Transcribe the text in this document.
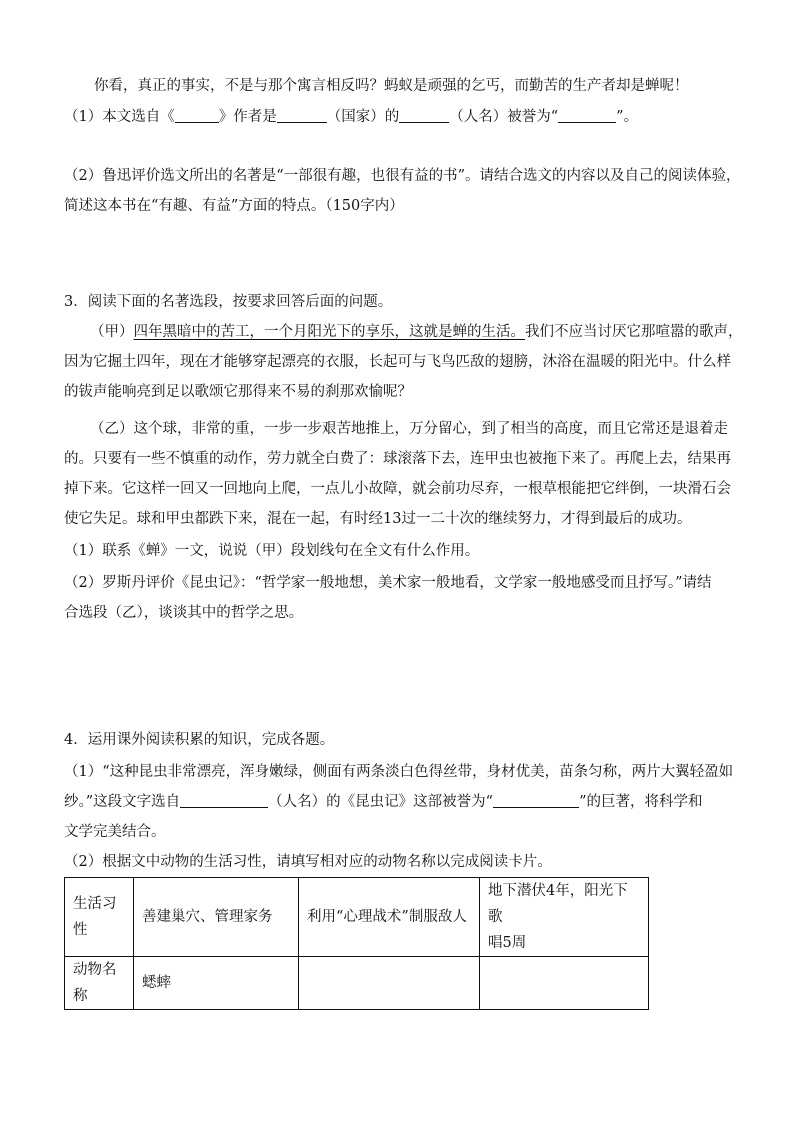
你看，真正的事实，不是与那个寓言相反吗？蚂蚁是顽强的乞丐，而勤苦的生产者却是蝉呢！
（1）本文选自《	》作者是	（国家）的	（人名）被誉为“	”。
（2）鲁迅评价选文所出的名著是“一部很有趣，也很有益的书”。请结合选文的内容以及自己的阅读体验，
简述这本书在“有趣、有益”方面的特点。（150字内）
3．阅读下面的名著选段，按要求回答后面的问题。
（甲）四年黑暗中的苦工，一个月阳光下的享乐，这就是蝉的生活。我们不应当讨厌它那喧嚣的歌声，
因为它掘土四年，现在才能够穿起漂亮的衣服，长起可与飞鸟匹敌的翅膀，沐浴在温暖的阳光中。什么样
的钹声能响亮到足以歌颂它那得来不易的刹那欢愉呢？
（乙）这个球，非常的重，一步一步艰苦地推上，万分留心，到了相当的高度，而且它常还是退着走
的。只要有一些不慎重的动作，劳力就全白费了：球滚落下去，连甲虫也被拖下来了。再爬上去，结果再
掉下来。它这样一回又一回地向上爬，一点儿小故障，就会前功尽弃，一根草根能把它绊倒，一块滑石会
使它失足。球和甲虫都跌下来，混在一起，有时经13过一二十次的继续努力，才得到最后的成功。
（1）联系《蝉》一文，说说（甲）段划线句在全文有什么作用。
（2）罗斯丹评价《昆虫记》：“哲学家一般地想，美术家一般地看，文学家一般地感受而且抒写。”请结
合选段（乙），谈谈其中的哲学之思。
4．运用课外阅读积累的知识，完成各题。
（1）“这种昆虫非常漂亮，浑身嫩绿，侧面有两条淡白色得丝带，身材优美，苗条匀称，两片大翼轻盈如
纱。”这段文字选自	（人名）的《昆虫记》这部被誉为“	”的巨著，将科学和
文学完美结合。
（2）根据文中动物的生活习性，请填写相对应的动物名称以完成阅读卡片。
生活习性	善建巢穴、管理家务	利用“心理战术”制服敌人	地下潜伏4年，阳光下歌
唱5周

动物名称	蟋蟀		
